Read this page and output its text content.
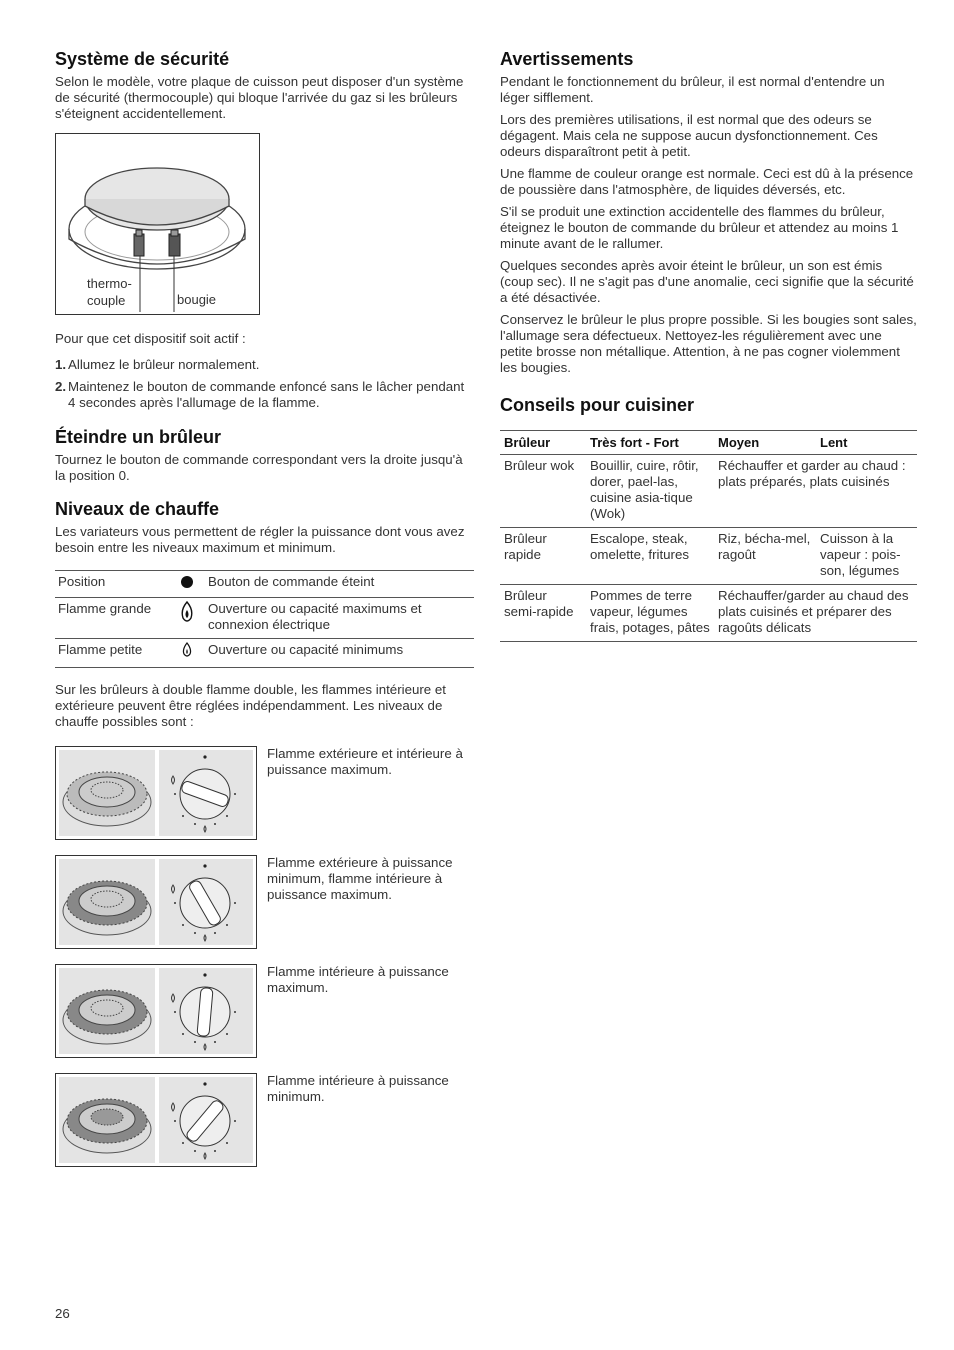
Système de sécurité

Selon le modèle, votre plaque de cuisson peut disposer d'un système de sécurité (thermocouple) qui bloque l'arrivée du gaz si les brûleurs s'éteignent accidentellement.

thermo-
couple	bougie

Pour que cet dispositif soit actif :

1. Allumez le brûleur normalement.
2. Maintenez le bouton de commande enfoncé sans le lâcher pendant 4 secondes après l'allumage de la flamme.
Éteindre un brûleur

Tournez le bouton de commande correspondant vers la droite jusqu'à la position 0.

Niveaux de chauffe

Les variateurs vous permettent de régler la puissance dont vous avez besoin entre les niveaux maximum et minimum.

Position		Bouton de commande éteint
Flamme grande		Ouverture ou capacité maximums et connexion électrique
Flamme petite		Ouverture ou capacité minimums

Sur les brûleurs à double flamme double, les flammes intérieure et extérieure peuvent être réglées indépendamment. Les niveaux de chauffe possibles sont :

Flamme extérieure et intérieure à puissance maximum.
Flamme extérieure à puissance minimum, flamme intérieure à puissance maximum.
Flamme intérieure à puissance maximum.
Flamme intérieure à puissance minimum.
Avertissements

Pendant le fonctionnement du brûleur, il est normal d'entendre un léger sifflement.

Lors des premières utilisations, il est normal que des odeurs se dégagent. Mais cela ne suppose aucun dysfonctionnement. Ces odeurs disparaîtront petit à petit.

Une flamme de couleur orange est normale. Ceci est dû à la présence de poussière dans l'atmosphère, de liquides déversés, etc.

S'il se produit une extinction accidentelle des flammes du brûleur, éteignez le bouton de commande du brûleur et attendez au moins 1 minute avant de le rallumer.

Quelques secondes après avoir éteint le brûleur, un son est émis (coup sec). Il ne s'agit pas d'une anomalie, ceci signifie que la sécurité a été désactivée.

Conservez le brûleur le plus propre possible. Si les bougies sont sales, l'allumage sera défectueux. Nettoyez-les régulièrement avec une petite brosse non métallique. Attention, à ne pas cogner violemment les bougies.

Conseils pour cuisiner
Brûleur	Très fort - Fort	Moyen	Lent
Brûleur wok	Bouillir, cuire, rôtir, dorer, pael-las, cuisine asia-tique (Wok)	Réchauffer et garder au chaud : plats préparés, plats cuisinés	
Brûleur rapide	Escalope, steak, omelette, fritures	Riz, bécha-mel, ragoût	Cuisson à la vapeur : pois-son, légumes
Brûleur semi-rapide	Pommes de terre vapeur, légumes frais, potages, pâtes	Réchauffer/garder au chaud des plats cuisinés et préparer des ragoûts délicats	
26
